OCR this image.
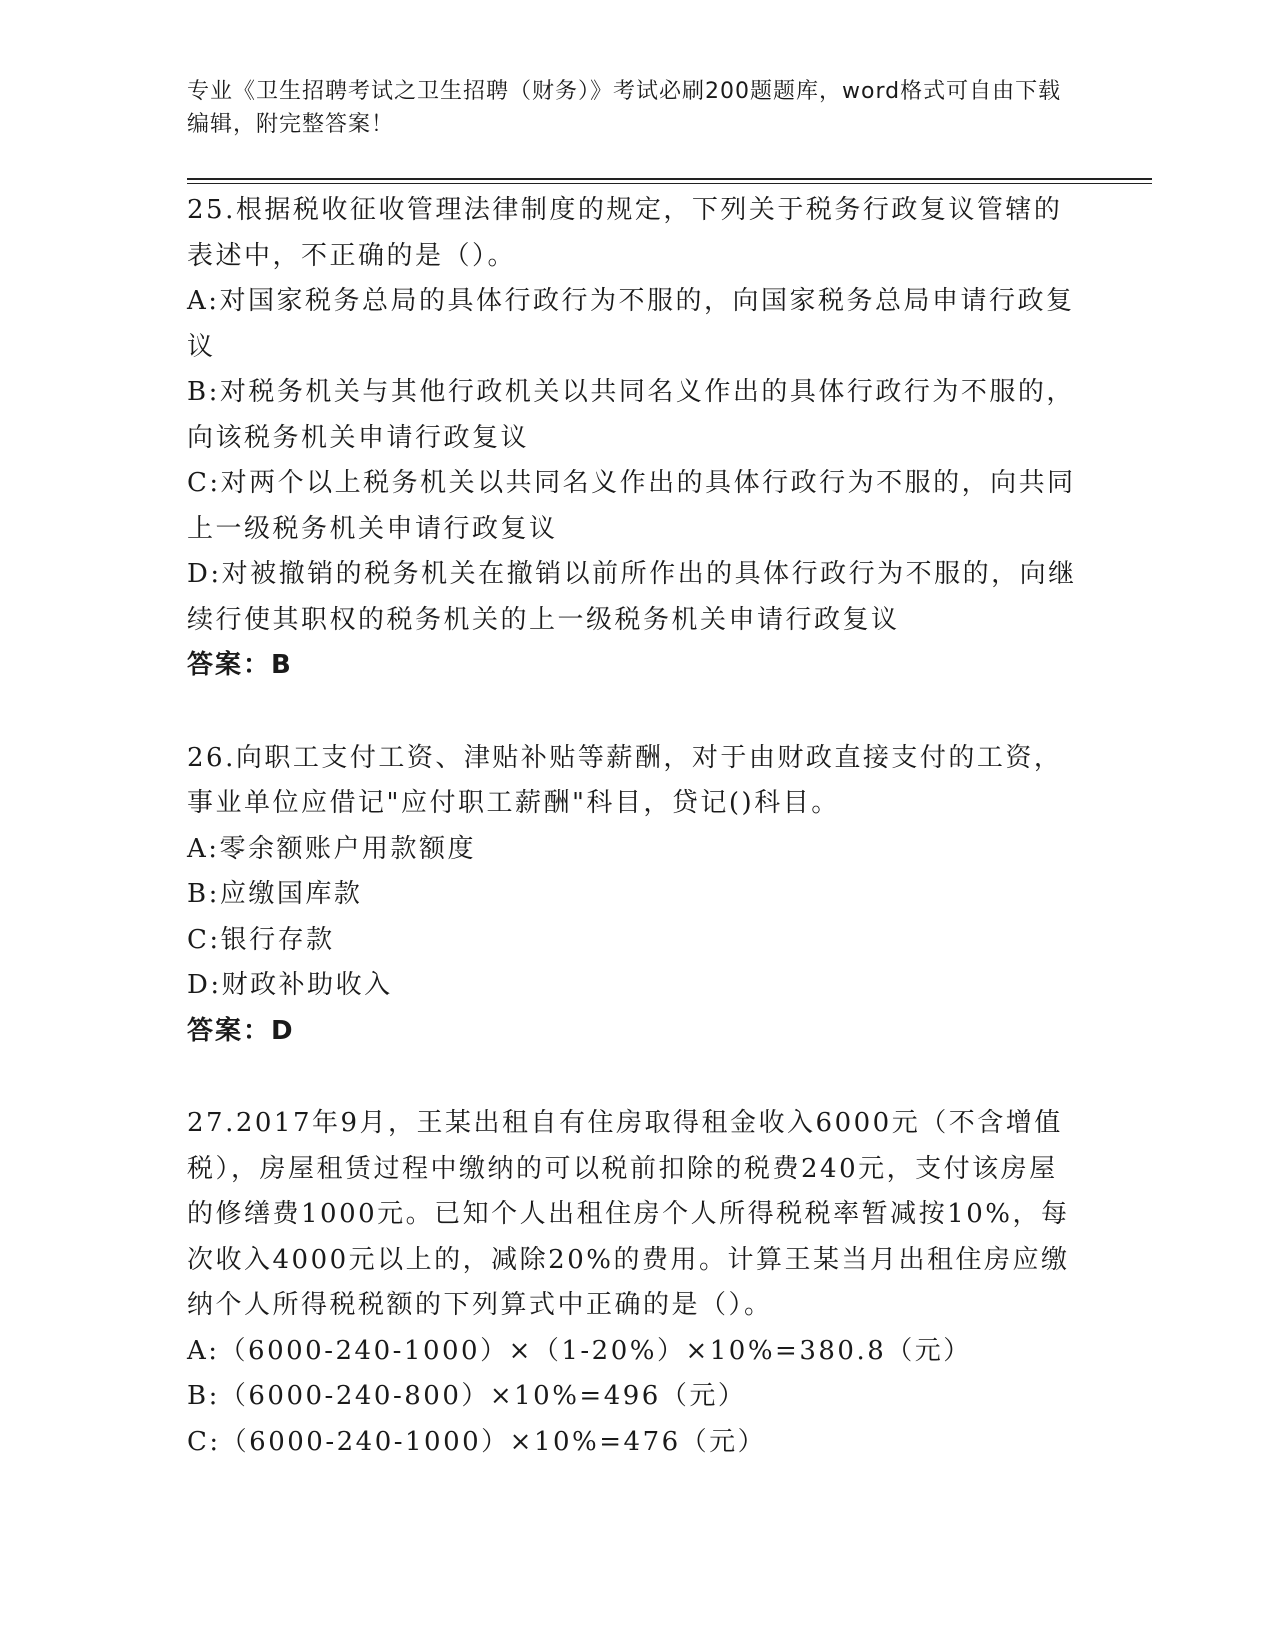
专业《卫生招聘考试之卫生招聘（财务）》考试必刷200题题库，word格式可自由下载编辑，附完整答案！

25.根据税收征收管理法律制度的规定，下列关于税务行政复议管辖的表述中，不正确的是（）。

A:对国家税务总局的具体行政行为不服的，向国家税务总局申请行政复议

B:对税务机关与其他行政机关以共同名义作出的具体行政行为不服的，向该税务机关申请行政复议

C:对两个以上税务机关以共同名义作出的具体行政行为不服的，向共同上一级税务机关申请行政复议

D:对被撤销的税务机关在撤销以前所作出的具体行政行为不服的，向继续行使其职权的税务机关的上一级税务机关申请行政复议

答案：B

26.向职工支付工资、津贴补贴等薪酬，对于由财政直接支付的工资，事业单位应借记"应付职工薪酬"科目，贷记()科目。

A:零余额账户用款额度

B:应缴国库款

C:银行存款

D:财政补助收入

答案：D

27.2017年9月，王某出租自有住房取得租金收入6000元（不含增值税），房屋租赁过程中缴纳的可以税前扣除的税费240元，支付该房屋的修缮费1000元。已知个人出租住房个人所得税税率暂减按10%，每次收入4000元以上的，减除20%的费用。计算王某当月出租住房应缴纳个人所得税税额的下列算式中正确的是（）。

A:（6000-240-1000）×（1-20%）×10%=380.8（元）

B:（6000-240-800）×10%=496（元）

C:（6000-240-1000）×10%=476（元）
